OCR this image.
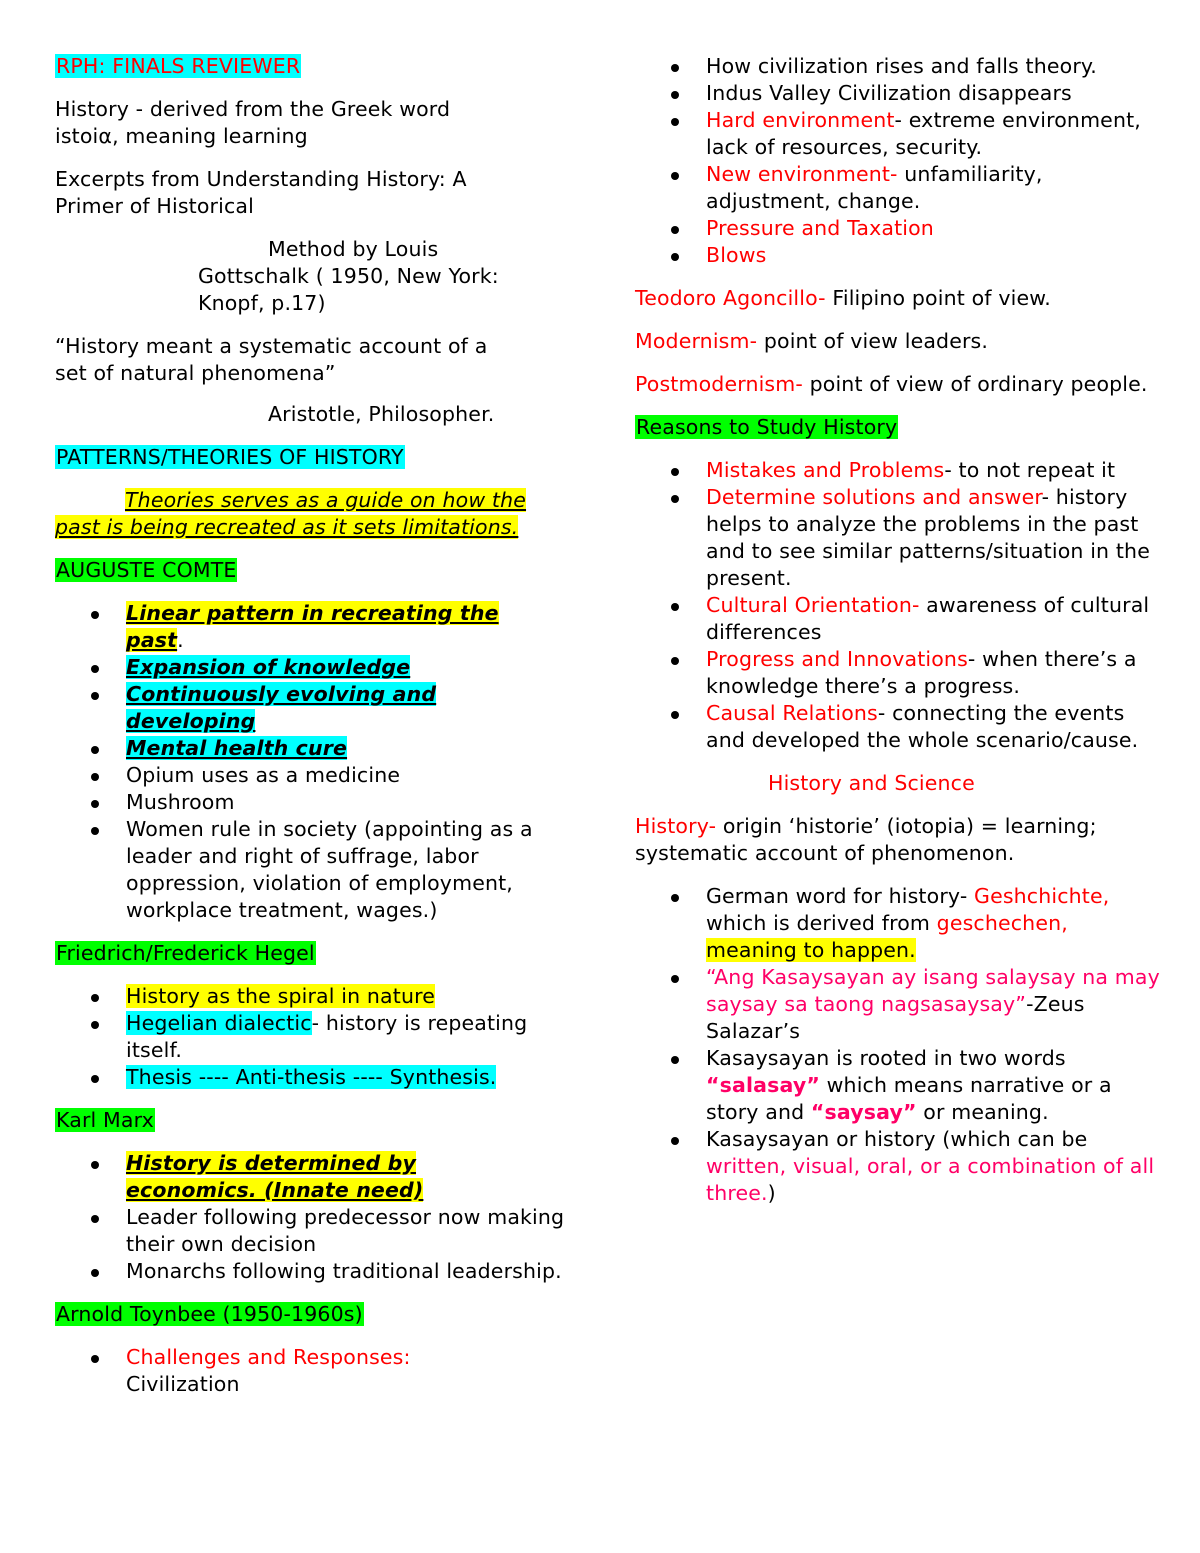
RPH: FINALS REVIEWER

History - derived from the Greek word
istoiα, meaning learning

Excerpts from Understanding History: A
Primer of Historical

Method by Louis
Gottschalk ( 1950, New York:
Knopf, p.17)

“History meant a systematic account of a
set of natural phenomena”

Aristotle, Philosopher.

PATTERNS/THEORIES OF HISTORY

Theories serves as a guide on how the
past is being recreated as it sets limitations.

AUGUSTE COMTE

Linear pattern in recreating the
past.
Expansion of knowledge
Continuously evolving and
developing
Mental health cure
Opium uses as a medicine
Mushroom
Women rule in society (appointing as a leader and right of suffrage, labor oppression, violation of employment, workplace treatment, wages.)

Friedrich/Frederick Hegel

History as the spiral in nature
Hegelian dialectic- history is repeating itself.
Thesis ---- Anti-thesis ---- Synthesis.

Karl Marx

History is determined by
economics. (Innate need)
Leader following predecessor now making their own decision
Monarchs following traditional leadership.

Arnold Toynbee (1950-1960s)

Challenges and Responses:
Civilization
How civilization rises and falls theory.
Indus Valley Civilization disappears
Hard environment- extreme environment, lack of resources, security.
New environment- unfamiliarity, adjustment, change.
Pressure and Taxation
Blows

Teodoro Agoncillo- Filipino point of view.

Modernism- point of view leaders.

Postmodernism- point of view of ordinary people.

Reasons to Study History

Mistakes and Problems- to not repeat it
Determine solutions and answer- history helps to analyze the problems in the past and to see similar patterns/situation in the present.
Cultural Orientation- awareness of cultural differences
Progress and Innovations- when there’s a knowledge there’s a progress.
Causal Relations- connecting the events and developed the whole scenario/cause.

History and Science

History- origin ‘historie’ (iotopia) = learning; systematic account of phenomenon.

German word for history- Geshchichte, which is derived from geschechen, meaning to happen.
“Ang Kasaysayan ay isang salaysay na may saysay sa taong nagsasaysay”-Zeus Salazar’s
Kasaysayan is rooted in two words “salasay” which means narrative or a story and “saysay” or meaning.
Kasaysayan or history (which can be written, visual, oral, or a combination of all three.)
